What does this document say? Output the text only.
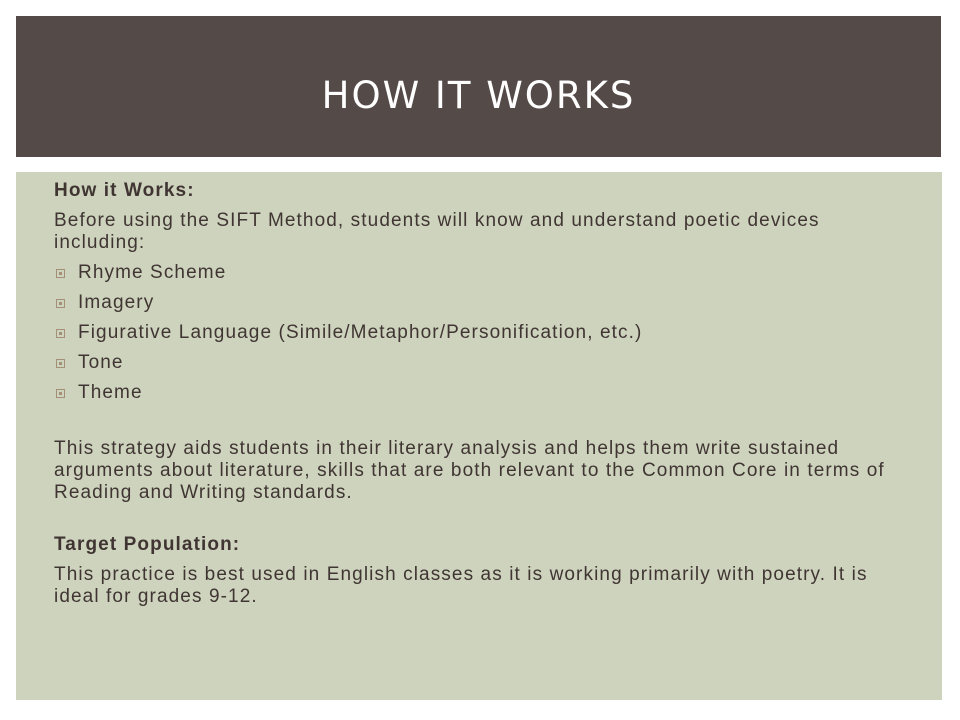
HOW IT WORKS

How it Works:

Before using the SIFT Method, students will know and understand poetic devices including:

Rhyme Scheme
Imagery
Figurative Language (Simile/Metaphor/Personification, etc.)
Tone
Theme

This strategy aids students in their literary analysis and helps them write sustained arguments about literature, skills that are both relevant to the Common Core in terms of Reading and Writing standards.

Target Population:

This practice is best used in English classes as it is working primarily with poetry. It is ideal for grades 9-12.
